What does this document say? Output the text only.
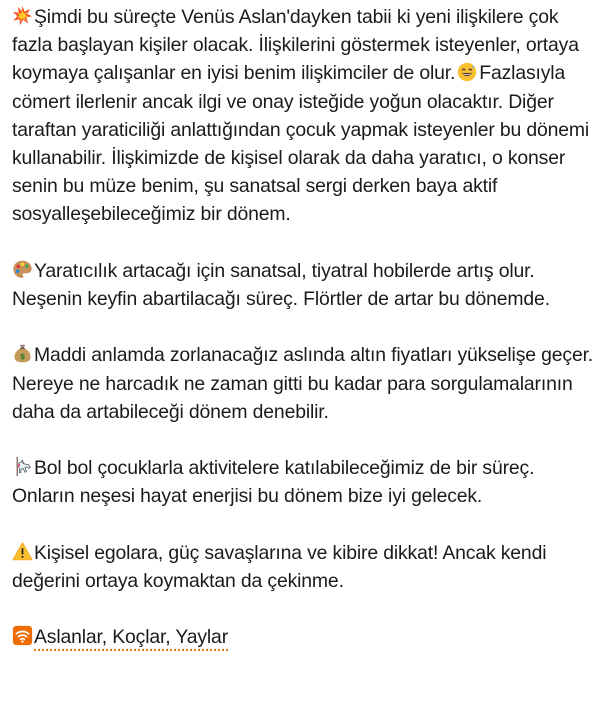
Şimdi bu süreçte Venüs Aslan'dayken tabii ki yeni ilişkilere çok fazla başlayan kişiler olacak. İlişkilerini göstermek isteyenler, ortaya koymaya çalışanlar en iyisi benim ilişkimciler de olur. Fazlasıyla cömert ilerlenir ancak ilgi ve onay isteğide yoğun olacaktır. Diğer taraftan yaraticiliği anlattığından çocuk yapmak isteyenler bu dönemi kullanabilir. İlişkimizde de kişisel olarak da daha yaratıcı, o konser senin bu müze benim, şu sanatsal sergi derken baya aktif sosyalleşebileceğimiz bir dönem.

Yaratıcılık artacağı için sanatsal, tiyatral hobilerde artış olur. Neşenin keyfin abartilacağı süreç. Flörtler de artar bu dönemde.

$ Maddi anlamda zorlanacağız aslında altın fiyatları yükselişe geçer. Nereye ne harcadık ne zaman gitti bu kadar para sorgulamalarının daha da artabileceği dönem denebilir.

Bol bol çocuklarla aktivitelere katılabileceğimiz de bir süreç. Onların neşesi hayat enerjisi bu dönem bize iyi gelecek.

Kişisel egolara, güç savaşlarına ve kibire dikkat! Ancak kendi değerini ortaya koymaktan da çekinme.

Aslanlar, Koçlar, Yaylar
